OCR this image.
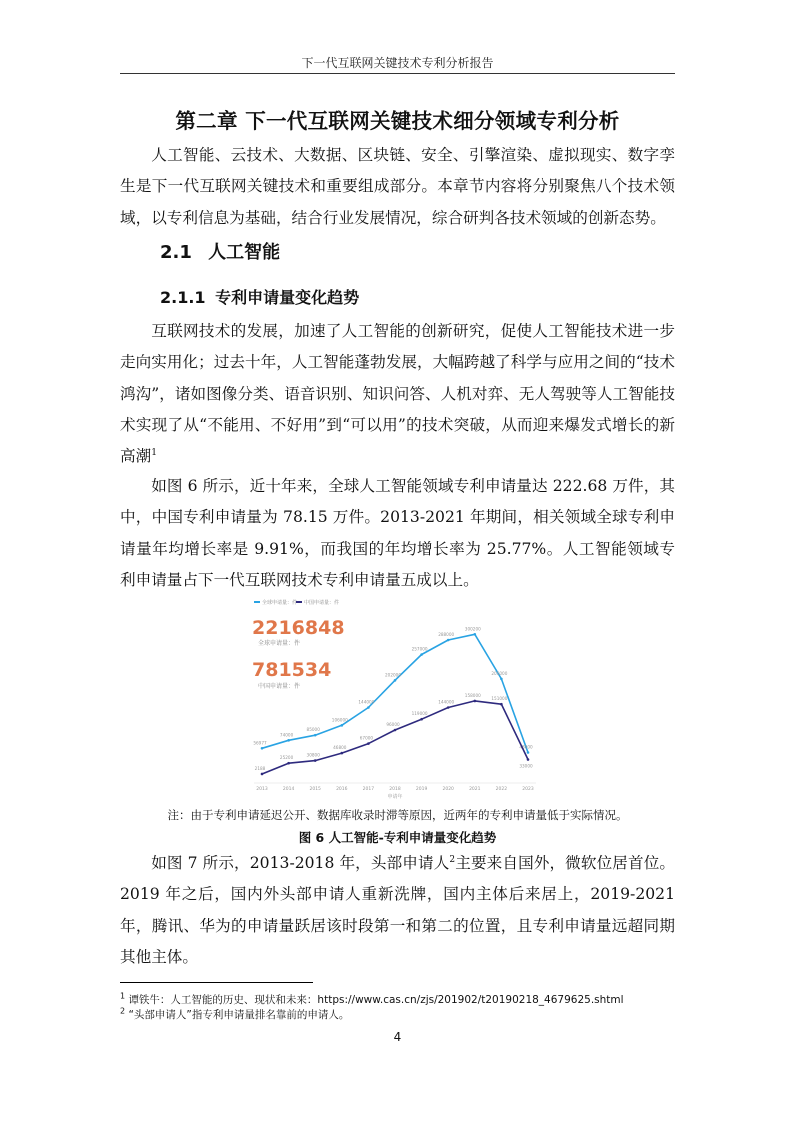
下一代互联网关键技术专利分析报告
第二章 下一代互联网关键技术细分领域专利分析

人工智能、云技术、大数据、区块链、安全、引擎渲染、虚拟现实、数字孪生是下一代互联网关键技术和重要组成部分。本章节内容将分别聚焦八个技术领域，以专利信息为基础，结合行业发展情况，综合研判各技术领域的创新态势。

2.1 人工智能
2.1.1 专利申请量变化趋势

互联网技术的发展，加速了人工智能的创新研究，促使人工智能技术进一步走向实用化；过去十年，人工智能蓬勃发展，大幅跨越了科学与应用之间的“技术鸿沟”，诸如图像分类、语音识别、知识问答、人机对弈、无人驾驶等人工智能技术实现了从“不能用、不好用”到“可以用”的技术突破，从而迎来爆发式增长的新高潮$^1$

如图 6 所示，近十年来，全球人工智能领域专利申请量达 222.68 万件，其中，中国专利申请量为 78.15 万件。2013-2021 年期间，相关领域全球专利申请量年均增长率是 9.91%，而我国的年均增长率为 25.77%。人工智能领域专利申请量占下一代互联网技术专利申请量五成以上。

全球申请量：件 中国申请量：件
2216848
全球申请量：件
781534
中国申请量：件
56977
74000
85000
106000
144000
202000
257000
288000
300200
205000
48000
2188
25200
30800
46800
67000
96000
119000
144000
158000
151000
33000
2013	2014	2015	2016	2017	2018	2019	2020	2021	2022	2023
申请年
注：由于专利申请延迟公开、数据库收录时滞等原因，近两年的专利申请量低于实际情况。
图 6 人工智能-专利申请量变化趋势

如图 7 所示，2013-2018 年，头部申请人$^2$主要来自国外，微软位居首位。2019 年之后，国内外头部申请人重新洗牌，国内主体后来居上，2019-2021 年，腾讯、华为的申请量跃居该时段第一和第二的位置，且专利申请量远超同期其他主体。

$^1$ 谭铁牛：人工智能的历史、现状和未来：https://www.cas.cn/zjs/201902/t20190218_4679625.shtml
$^2$ “头部申请人”指专利申请量排名靠前的申请人。
4
